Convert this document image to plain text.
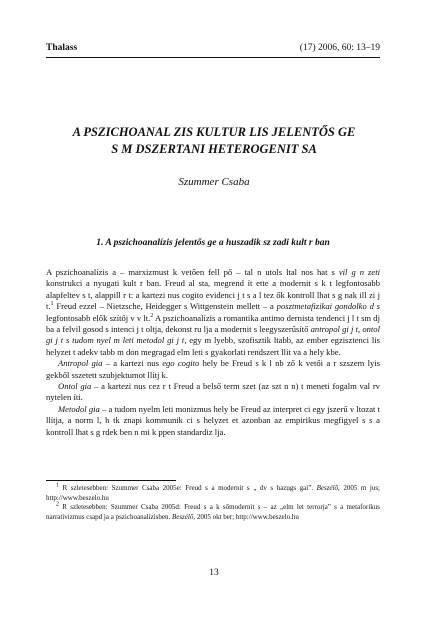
Thalass	(17) 2006, 60: 13–19
A PSZICHOANAL ZIS KULTUR LIS JELENTŐS GE
S M DSZERTANI HETEROGENIT SA
Szummer Csaba
1. A pszichoanalízis jelentős ge a huszadik sz zadi kult r ban

A pszichoanalízis a – marxizmust k vetően fell pő – tal n utols ltal nos hat s vil g n zeti konstrukci a nyugati kult r ban. Freud al sta, megrend ít ette a modernit s k t legfontosabb alapfeltev s t, alappill r t: a kartezi nus cogito evidenci j t s a l tez ők kontroll lhat s g nak ill zi j t.$^1$ Freud ezzel – Nietzsche, Heidegger s Wittgenstein mellett – a posztmetafizikai gondolko d s legfontosabb elők szítőj v v lt.$^2$ A pszichoanalízis a romantika antimo dernista tendenci j l t sm dj ba a felvil gosod s intenci j t oltja, dekonst ru lja a modernit s leegyszerűsítő antropol gi j t, ontol gi j t s tudom nyel m leti metodol gi j t, egy m lyebb, szofisztik ltabb, az ember egzisztenci lis helyzet t adekv tabb m don megragad elm leti s gyakorlati rendszert llít va a hely kbe.

Antropol gia – a kartezi nus ego cogito hely be Freud s k l nb ző k vetői a r szszem lyis gekből sszetett szubjektumot llítj k.

Ontol gia – a kartezi nus cez r t Freud a belső term szet (az szt n n) t meneti fogalm val rv nytelen íti.

Metodol gia – a tudom nyelm leti monizmus hely be Freud az interpret ci egy jszerű v ltozat t llítja, a norm l, h tk znapi kommunik ci s helyzet et azonban az empirikus megfigyel s s a kontroll lhat s g rdek ben n mi k ppen standardiz lja.

$^1$ R szletesebben: Szummer Csaba 2005e: Freud s a modernit s „ dv s hazugs gai”. Beszélő, 2005 m jus; http://www.beszelo.hu

$^2$ R szletesebben: Szummer Csaba 2005d: Freud s a k sőmodernit s – az „elm let terrorja” s a metaforikus narratívizmus csapd ja a pszichoanalízisben. Beszélő, 2005 okt ber; http://www.beszelo.hu

13
